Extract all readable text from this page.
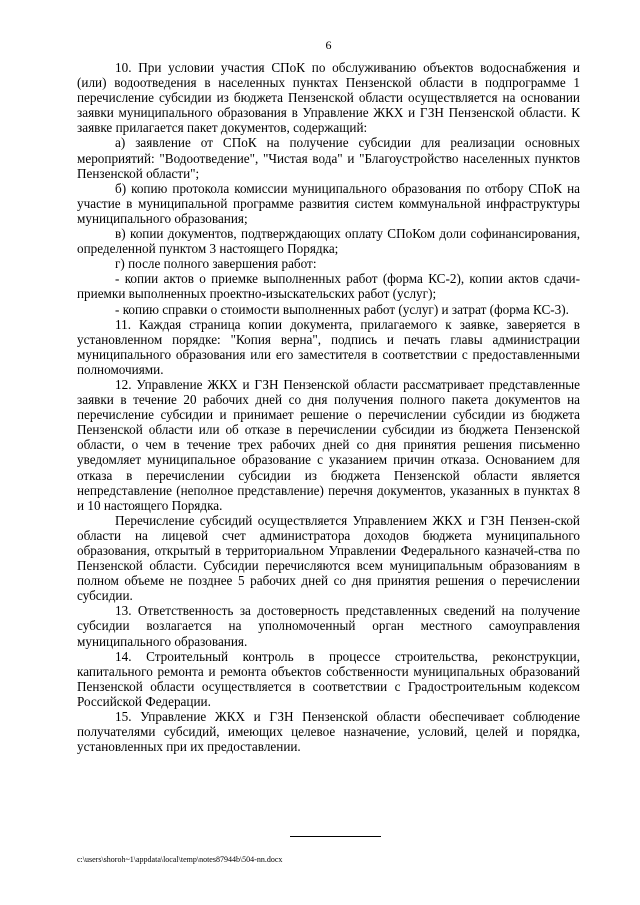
6

10. При условии участия СПоК по обслуживанию объектов водоснабжения и (или) водоотведения в населенных пунктах Пензенской области в подпрограмме 1 перечисление субсидии из бюджета Пензенской области осуществляется на основании заявки муниципального образования в Управление ЖКХ и ГЗН Пензенской области. К заявке прилагается пакет документов, содержащий:

а) заявление от СПоК на получение субсидии для реализации основных мероприятий: "Водоотведение", "Чистая вода" и "Благоустройство населенных пунктов Пензенской области";

б) копию протокола комиссии муниципального образования по отбору СПоК на участие в муниципальной программе развития систем коммунальной инфраструктуры муниципального образования;

в) копии документов, подтверждающих оплату СПоКом доли софинансирования, определенной пунктом 3 настоящего Порядка;

г) после полного завершения работ:

- копии актов о приемке выполненных работ (форма КС-2), копии актов сдачи-приемки выполненных проектно-изыскательских работ (услуг);

- копию справки о стоимости выполненных работ (услуг) и затрат (форма КС-3).

11. Каждая страница копии документа, прилагаемого к заявке, заверяется в установленном порядке: "Копия верна", подпись и печать главы администрации муниципального образования или его заместителя в соответствии с предоставленными полномочиями.

12. Управление ЖКХ и ГЗН Пензенской области рассматривает представленные заявки в течение 20 рабочих дней со дня получения полного пакета документов на перечисление субсидии и принимает решение о перечислении субсидии из бюджета Пензенской области или об отказе в перечислении субсидии из бюджета Пензенской области, о чем в течение трех рабочих дней со дня принятия решения письменно уведомляет муниципальное образование с указанием причин отказа. Основанием для отказа в перечислении субсидии из бюджета Пензенской области является непредставление (неполное представление) перечня документов, указанных в пунктах 8 и 10 настоящего Порядка.

Перечисление субсидий осуществляется Управлением ЖКХ и ГЗН Пензен-ской области на лицевой счет администратора доходов бюджета муниципального образования, открытый в территориальном Управлении Федерального казначей-ства по Пензенской области. Субсидии перечисляются всем муниципальным образованиям в полном объеме не позднее 5 рабочих дней со дня принятия решения о перечислении субсидии.

13. Ответственность за достоверность представленных сведений на получение субсидии возлагается на уполномоченный орган местного самоуправления муниципального образования.

14. Строительный контроль в процессе строительства, реконструкции, капитального ремонта и ремонта объектов собственности муниципальных образований Пензенской области осуществляется в соответствии с Градостроительным кодексом Российской Федерации.

15. Управление ЖКХ и ГЗН Пензенской области обеспечивает соблюдение получателями субсидий, имеющих целевое назначение, условий, целей и порядка, установленных при их предоставлении.

c:\users\shoroh~1\appdata\local\temp\notes87944b\504-nn.docx
